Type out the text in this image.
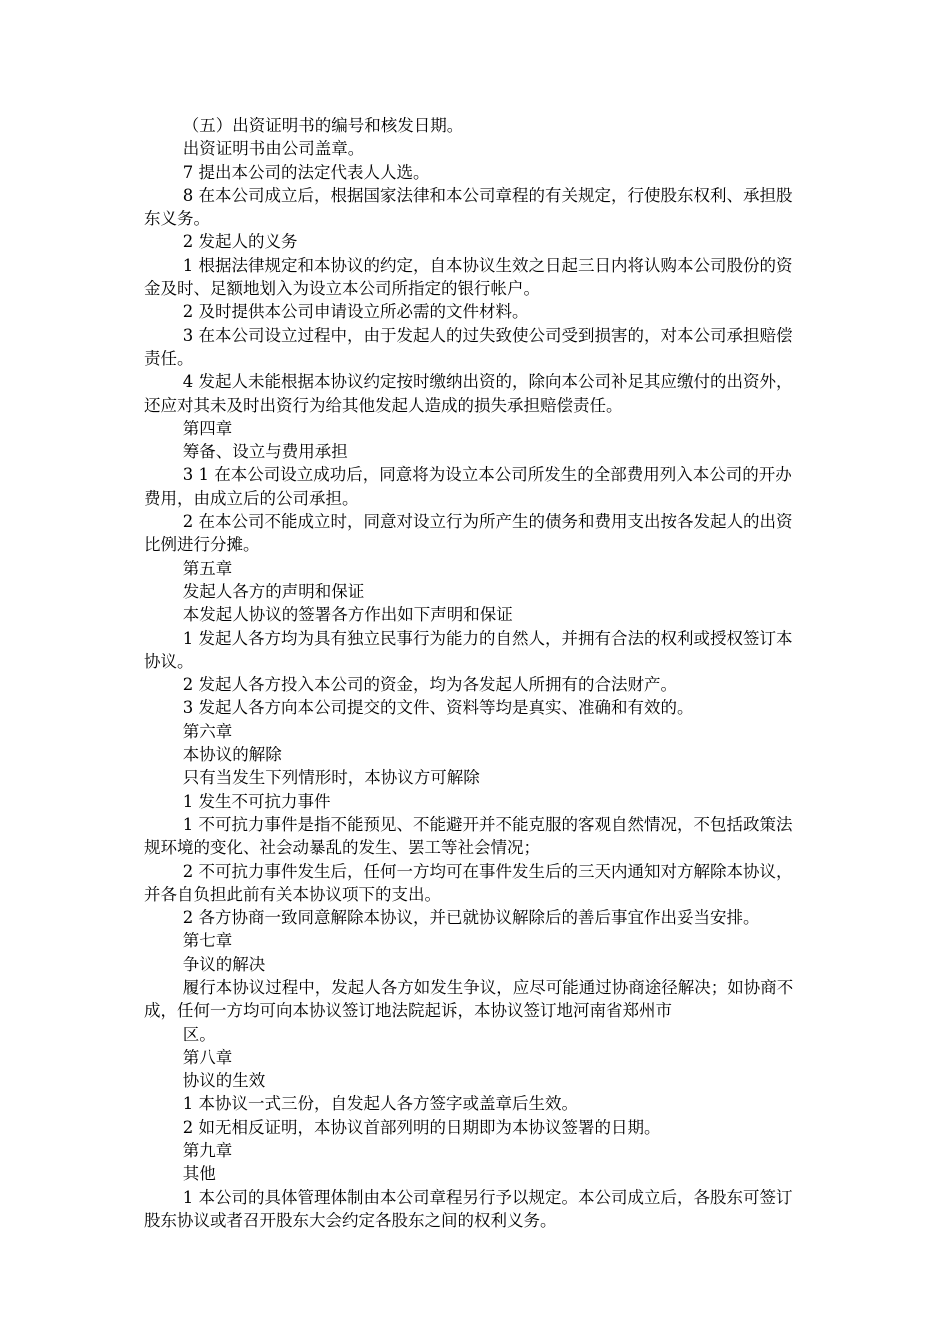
（五）出资证明书的编号和核发日期。

出资证明书由公司盖章。

7 提出本公司的法定代表人人选。

8 在本公司成立后，根据国家法律和本公司章程的有关规定，行使股东权利、承担股东义务。

2 发起人的义务

1 根据法律规定和本协议的约定，自本协议生效之日起三日内将认购本公司股份的资金及时、足额地划入为设立本公司所指定的银行帐户。

2 及时提供本公司申请设立所必需的文件材料。

3 在本公司设立过程中，由于发起人的过失致使公司受到损害的，对本公司承担赔偿责任。

4 发起人未能根据本协议约定按时缴纳出资的，除向本公司补足其应缴付的出资外，还应对其未及时出资行为给其他发起人造成的损失承担赔偿责任。

第四章

筹备、设立与费用承担

3 1 在本公司设立成功后，同意将为设立本公司所发生的全部费用列入本公司的开办费用，由成立后的公司承担。

2 在本公司不能成立时，同意对设立行为所产生的债务和费用支出按各发起人的出资比例进行分摊。

第五章

发起人各方的声明和保证

本发起人协议的签署各方作出如下声明和保证

1 发起人各方均为具有独立民事行为能力的自然人，并拥有合法的权利或授权签订本协议。

2 发起人各方投入本公司的资金，均为各发起人所拥有的合法财产。

3 发起人各方向本公司提交的文件、资料等均是真实、准确和有效的。

第六章

本协议的解除

只有当发生下列情形时，本协议方可解除

1 发生不可抗力事件

1 不可抗力事件是指不能预见、不能避开并不能克服的客观自然情况，不包括政策法规环境的变化、社会动暴乱的发生、罢工等社会情况；

2 不可抗力事件发生后，任何一方均可在事件发生后的三天内通知对方解除本协议，并各自负担此前有关本协议项下的支出。

2 各方协商一致同意解除本协议，并已就协议解除后的善后事宜作出妥当安排。

第七章

争议的解决

履行本协议过程中，发起人各方如发生争议，应尽可能通过协商途径解决；如协商不成，任何一方均可向本协议签订地法院起诉，本协议签订地河南省郑州市

区。

第八章

协议的生效

1 本协议一式三份，自发起人各方签字或盖章后生效。

2 如无相反证明，本协议首部列明的日期即为本协议签署的日期。

第九章

其他

1 本公司的具体管理体制由本公司章程另行予以规定。本公司成立后，各股东可签订股东协议或者召开股东大会约定各股东之间的权利义务。
